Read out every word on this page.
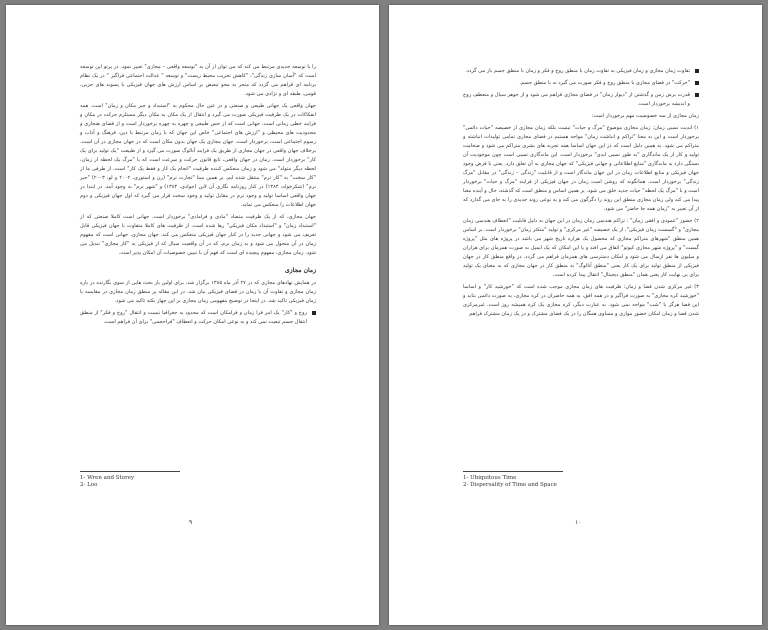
را با توسعه جدیدی مرتبط می کند که می توان از آن به "توسعه واقعی – مجازی" تعبیر نمود. در پرتو این توسعه است که "آسان سازی زندگی"، "کاهش تخریب محیط زیست" و توسعه " عدالت اجتماعی فراگیر " در یک نظام برنامه ای فراهم می گردد که منجر به محو تبعیض بر اساس ارزش های جهان فیزیکی با پسوند های حزبی، قومی، طبقه ای و نژادی می شود.

جهان واقعی یک جهانی طبیعی و صنعتی و در عین حال محکوم به "استبداد و جبر مکان و زمان" است. همه انفکاکات در یک ظرفیت فیزیکی صورت می گیرد و انتقال از یک مکان به مکان دیگر مستلزم حرکت در مکان و فرایند خطی زمانی است. جهانی است که از حس طبیعی و چهره به چهره برخوردار است و از فضای هنجاری و محدودیت های محیطی و "ارزش های اجتماعی" خاص این جهان که با زمان مرتبط با دین، فرهنگ و آداب و رسوم اجتماعی است، برخوردار است. جهان مجازی یک جهان بدون مکان است که در جهان مجازی در آن است. برخلاف جهان واقعی در جهان مجازی از طریق یک فرایند آنالوگ صورت می گیرد و از طبیعت "یک تولید برای یک کار" برخوردار است. زمان در جهان واقعی، تابع قانون حرکت و سرعت است که با "مرگ یک لحظه از زمان، لحظه دیگر متولد" می شود و زمان منعکس کننده ظرفیت "انجام یک کار و فقط یک کار" است. از طرفی ما از "کار سخت" به "کار نرم" منتقل شده ایم. بر همین مبنا "تجارت نرم" (رن و استوری، ۲۰۰۲ و لو، ۲۰۰۳) "حبر نرم" (شکرخواه، ۱۳۸۴) در کنار روزنامه نگاری آن لاین (جوادی، ۱۳۸۴) و "شهر نرم" به وجود آمد. در ابتدا در جهان واقعی اساسا تولید و وجود نرم در مقابل تولید و وجود سخت قرار می گیرد که اول جهان فیزیکی و دوم جهان اطلاعات را منعکس می نماید.

جهان مجازی، که از یک ظرفیت متضاد "مادی و فرامادی" برخوردار است. جهانی است کاملا صنعتی که از "استبداد زمان" و "استبداد مکان فیزیکی" رها شده است. از ظرفیت های کاملا متفاوت با جهان فیزیکی قابل تعریف می شود و جهانی جدید را در کنار جهان فیزیکی منعکس می کند. جهان مجازی، جهانی است که مفهوم زمان در آن متحول می شود و به زمان نرم، که در آن واقعیت سیال که از فیزیکی به "کار مجازی" تبدیل می شود. زمان مجازی، مفهوم پیچیده ای است که فهم آن با تبیین خصوصیات آن امکان پذیر است.

زمان مجازی

در همایش نهادهای مجازی که در ۲۷ آذر ماه ۱۳۸۵ برگزار شد، برای اولین بار بحث هایی از سوی نگارنده در باره زمان مجازی و تفاوت آن با زمان در فضای فیزیکی بیان شد. در این مقاله بر منطق زمان مجازی در مقایسه با زمان فیزیکی تاکید شد. در اینجا در توضیح مفهومی زمان مجازی بر این چهار نکته تاکید می شود.

روح و "کار" یک امر فرا زمان و فرامکان است که محدود به جغرافیا نیست و انتقال "روح و فکر" از منطق انتقال جسم تبعیت نمی کند و به نوعی امکان حرکت و انعطاف "فراحجمی" برای آن فراهم است.

1- Wren and Storey
2- Loo
۹

تفاوت زمان مجازی و زمان فیزیکی به تفاوت زمان با منطق روح و فکر و زمان با منطق جسم باز می گردد.

"حرکت" در فضای مجازی با منطق روح و فکر صورت می گیرد نه با منطق جسم.

قدرت برش زمن و گذشتن از "دیوار زمان" در فضای مجازی فراهم می شود و از جوهر سیال و منعطف روح و اندیشه برخوردار است.

زمان مجازی از سه خصوصیت مهم برخوردار است:

۱) ابدیت نسبی زمان: زمان مجازی موضوع "مرگ و حیات" نیست بلکه زمان مجازی از خصیصه "حیات دائمی" برخوردار است و این به معنا "تراکم و انباشت زمان" مواجه هستیم در فضای مجازی تمامی تولیدات انباشته و متراکم می شود. به همین دلیل است که در این جهان اساسا همه تجربه های بشری متراکم می شود و ضخامت تولید و کار از یک ماندگاری "به طور نسبی ابدی" برخوردار است. این ماندگاری نسبی است چون موجودیت آن بستگی دارد به ماندگاری "منابع اطلاعاتی و جهانی فیزیکی" که جهان مجازی به آن تعلق دارد. یعنی با فرض وجود جهان فیزیکی و منابع اطلاعات زمان در این جهان ماندگار است و از قابلیت "زندگی – زندگی" در مقابل "مرگ زندگی" برخوردار است. همانگونه که روشن است زمان در جهان فیزیکی از فرایند "مرگ و حیات" برخوردار است و با "مرگ یک لحظه" حیات جدید خلق می شود. بر همین اساس و منطق است که گذشته، حال و آینده معنا پیدا می کند ولی زمان مجازی منطق این روند را دگرگون می کند و به نوعی روند جدیدی را به جای می گذارد که از آن تعبیر به "زمان همه جا حاضر" می شود.

۲) حضور "عمودی و افقی زمان" : تراکم هندسی زمان زمان در این جهان به دلیل قابلیت "انعطاف هندسی زمان مجازی" و "گسست زمان فیزیکی"، از یک خصیصه "غیر مرکزی" و تولید "متکثر زمان" برخوردار است. بر اساس همین منطق "شهرهای متراکم مجازی که محصول یک هزاره تاریخ شهر می باشد در پروژه های مثل "پروژه گیست" و "پروژه شهر مجازی کیوتو" اتفاق می افتد و یا این امکان که یک ایمیل به صورت همزمان برای هزاران و میلیون ها نفر ارسال می شود و امکان دسترسی های همزمان فراهم می گردد. در واقع منطق کار در جهان فیزیکی از منطق تولید برای یک کار بعنی "منطق آنالوگ" به منطق کار در جهان مجازی که به معنای یک تولید برای بی نهایت کار یعنی همان "منطق دیجیتال" انتقال پیدا کرده است.

۳) غیر مرکزی شدن فضا و زمان: ظرفیت های زمان مجازی موجب شده است که "خورشید کار" و اساسا "خورشید کره مجازی" به صورت فراگیر و در همه افق، به همه حاضران در کره مجازی، به صورت دائمی بتابد و این فضا هرگز با "شب" مواجه نمی شود. به عبارت دیگر، کره مجازی یک کره همیشه روز است. غیرمرکزی شدن فضا و زمان امکان حضور موازی و مساوی همگان را در یک فضای مشترک و در یک زمان مشترک فراهم

1- Ubiquitous Time
2- Dispersality of Time and Space
۱۰
